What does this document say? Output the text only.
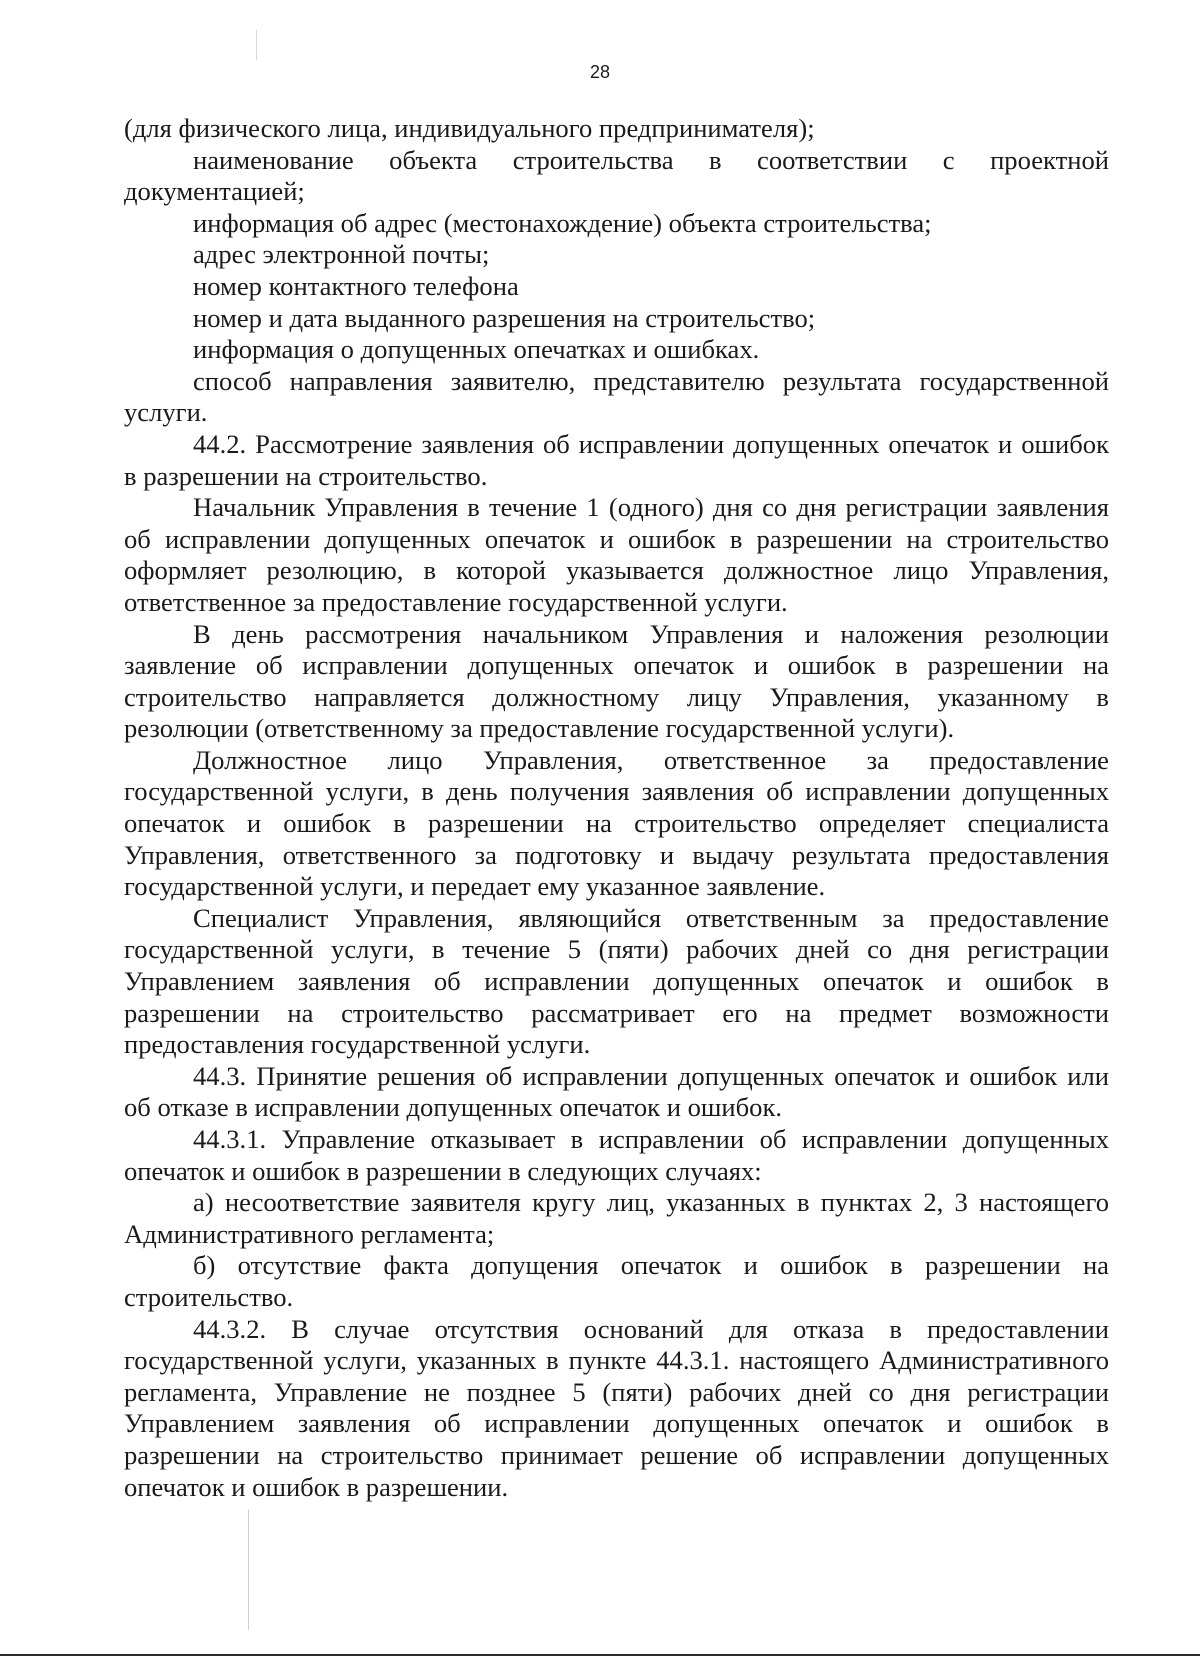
28

(для физического лица, индивидуального предпринимателя);

наименование объекта строительства в соответствии с проектной документацией;

информация об адрес (местонахождение) объекта строительства;

адрес электронной почты;

номер контактного телефона

номер и дата выданного разрешения на строительство;

информация о допущенных опечатках и ошибках.

способ направления заявителю, представителю результата государственной услуги.

44.2. Рассмотрение заявления об исправлении допущенных опечаток и ошибок в разрешении на строительство.

Начальник Управления в течение 1 (одного) дня со дня регистрации заявления об исправлении допущенных опечаток и ошибок в разрешении на строительство оформляет резолюцию, в которой указывается должностное лицо Управления, ответственное за предоставление государственной услуги.

В день рассмотрения начальником Управления и наложения резолюции заявление об исправлении допущенных опечаток и ошибок в разрешении на строительство направляется должностному лицу Управления, указанному в резолюции (ответственному за предоставление государственной услуги).

Должностное лицо Управления, ответственное за предоставление государственной услуги, в день получения заявления об исправлении допущенных опечаток и ошибок в разрешении на строительство определяет специалиста Управления, ответственного за подготовку и выдачу результата предоставления государственной услуги, и передает ему указанное заявление.

Специалист Управления, являющийся ответственным за предоставление государственной услуги, в течение 5 (пяти) рабочих дней со дня регистрации Управлением заявления об исправлении допущенных опечаток и ошибок в разрешении на строительство рассматривает его на предмет возможности предоставления государственной услуги.

44.3. Принятие решения об исправлении допущенных опечаток и ошибок или об отказе в исправлении допущенных опечаток и ошибок.

44.3.1. Управление отказывает в исправлении об исправлении допущенных опечаток и ошибок в разрешении в следующих случаях:

а) несоответствие заявителя кругу лиц, указанных в пунктах 2, 3 настоящего Административного регламента;

б) отсутствие факта допущения опечаток и ошибок в разрешении на строительство.

44.3.2. В случае отсутствия оснований для отказа в предоставлении государственной услуги, указанных в пункте 44.3.1. настоящего Административного регламента, Управление не позднее 5 (пяти) рабочих дней со дня регистрации Управлением заявления об исправлении допущенных опечаток и ошибок в разрешении на строительство принимает решение об исправлении допущенных опечаток и ошибок в разрешении.
